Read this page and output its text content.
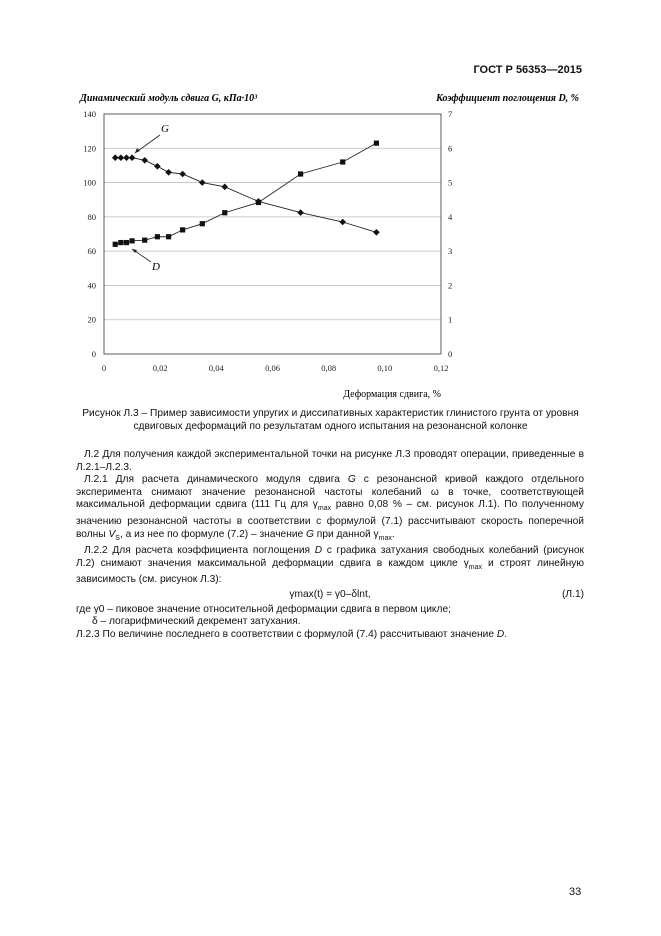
ГОСТ Р 56353—2015
Динамический модуль сдвига G, кПа·10³	Коэффициент поглощения D, %
0	0,02	0,04	0,06	0,08	0,10	0,12
0
20
40
60
80
100
120
140
0
1
2
3
4
5
6
7
G
D
Деформация сдвига, %
Рисунок Л.3 – Пример зависимости упругих и диссипативных характеристик глинистого грунта от уровня сдвиговых деформаций по результатам одного испытания на резонансной колонке

Л.2 Для получения каждой экспериментальной точки на рисунке Л.3 проводят операции, приведенные в Л.2.1–Л.2.3.

Л.2.1 Для расчета динамического модуля сдвига G с резонансной кривой каждого отдельного эксперимента снимают значение резонансной частоты колебаний ω в точке, соответствующей максимальной деформации сдвига (111 Гц для $\gamma_{max}$ равно 0,08 % – см. рисунок Л.1). По полученному значению резонансной частоты в соответствии с формулой (7.1) рассчитывают скорость поперечной волны $V_S$, а из нее по формуле (7.2) – значение G при данной $\gamma_{max}$.

Л.2.2 Для расчета коэффициента поглощения D с графика затухания свободных колебаний (рисунок Л.2) снимают значения максимальной деформации сдвига в каждом цикле $\gamma_{max}$ и строят линейную зависимость (см. рисунок Л.3):

γmax(t) = γ0–δlnt,	(Л.1)

где γ0 – пиковое значение относительной деформации сдвига в первом цикле;

δ – логарифмический декремент затухания.

Л.2.3 По величине последнего в соответствии с формулой (7.4) рассчитывают значение D.

33
